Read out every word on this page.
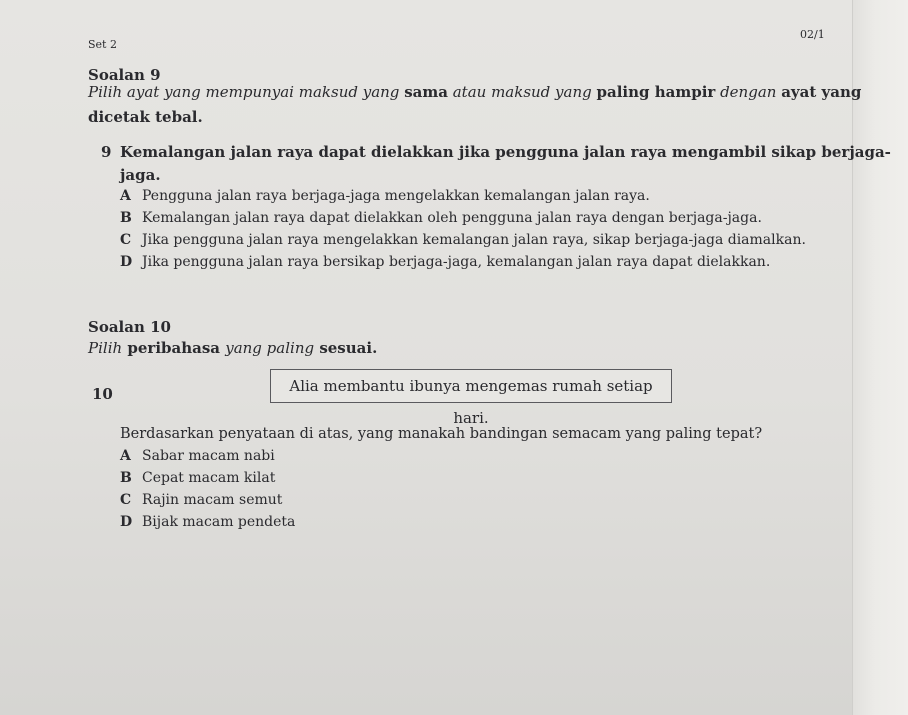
Set 2
02/1
Soalan 9
Pilih ayat yang mempunyai maksud yang sama atau maksud yang paling hampir dengan ayat yang
dicetak tebal.
9 Kemalangan jalan raya dapat dielakkan jika pengguna jalan raya mengambil sikap berjaga-
jaga.
A Pengguna jalan raya berjaga-jaga mengelakkan kemalangan jalan raya.
B Kemalangan jalan raya dapat dielakkan oleh pengguna jalan raya dengan berjaga-jaga.
C Jika pengguna jalan raya mengelakkan kemalangan jalan raya, sikap berjaga-jaga diamalkan.
D Jika pengguna jalan raya bersikap berjaga-jaga, kemalangan jalan raya dapat dielakkan.
Soalan 10
Pilih peribahasa yang paling sesuai.
10	Alia membantu ibunya mengemas rumah setiap hari.
Berdasarkan penyataan di atas, yang manakah bandingan semacam yang paling tepat?
A Sabar macam nabi
B Cepat macam kilat
C Rajin macam semut
D Bijak macam pendeta
